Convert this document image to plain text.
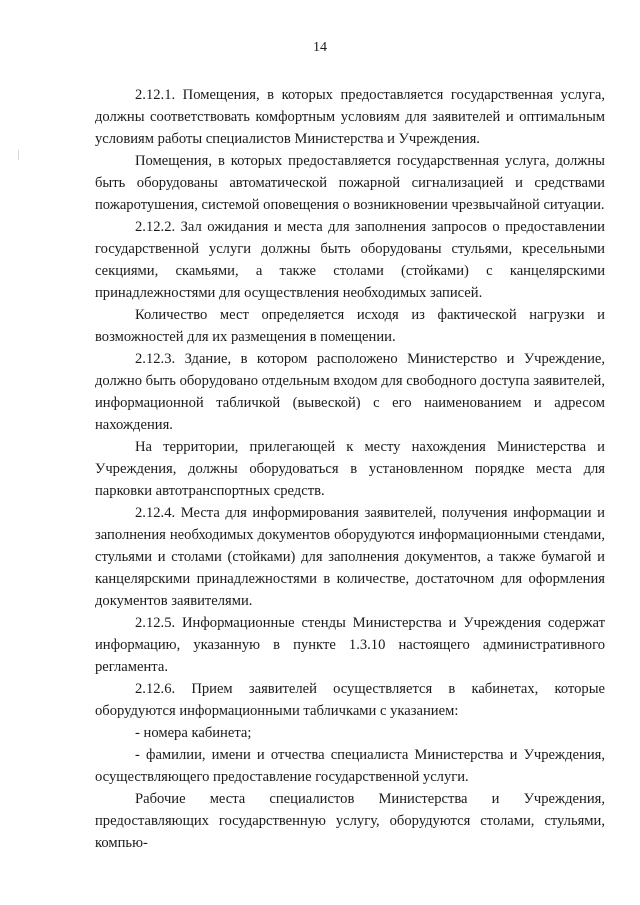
14

2.12.1. Помещения, в которых предоставляется государственная услуга, должны соответствовать комфортным условиям для заявителей и оптимальным условиям работы специалистов Министерства и Учреждения.

Помещения, в которых предоставляется государственная услуга, должны быть оборудованы автоматической пожарной сигнализацией и средствами пожаротушения, системой оповещения о возникновении чрезвычайной ситуации.

2.12.2. Зал ожидания и места для заполнения запросов о предоставлении государственной услуги должны быть оборудованы стульями, кресельными секциями, скамьями, а также столами (стойками) с канцелярскими принадлежностями для осуществления необходимых записей.

Количество мест определяется исходя из фактической нагрузки и возможностей для их размещения в помещении.

2.12.3. Здание, в котором расположено Министерство и Учреждение, должно быть оборудовано отдельным входом для свободного доступа заявителей, информационной табличкой (вывеской) с его наименованием и адресом нахождения.

На территории, прилегающей к месту нахождения Министерства и Учреждения, должны оборудоваться в установленном порядке места для парковки автотранспортных средств.

2.12.4. Места для информирования заявителей, получения информации и заполнения необходимых документов оборудуются информационными стендами, стульями и столами (стойками) для заполнения документов, а также бумагой и канцелярскими принадлежностями в количестве, достаточном для оформления документов заявителями.

2.12.5. Информационные стенды Министерства и Учреждения содержат информацию, указанную в пункте 1.3.10 настоящего административного регламента.

2.12.6. Прием заявителей осуществляется в кабинетах, которые оборудуются информационными табличками с указанием:

- номера кабинета;

- фамилии, имени и отчества специалиста Министерства и Учреждения, осуществляющего предоставление государственной услуги.

Рабочие места специалистов Министерства и Учреждения, предоставляющих государственную услугу, оборудуются столами, стульями, компью-
